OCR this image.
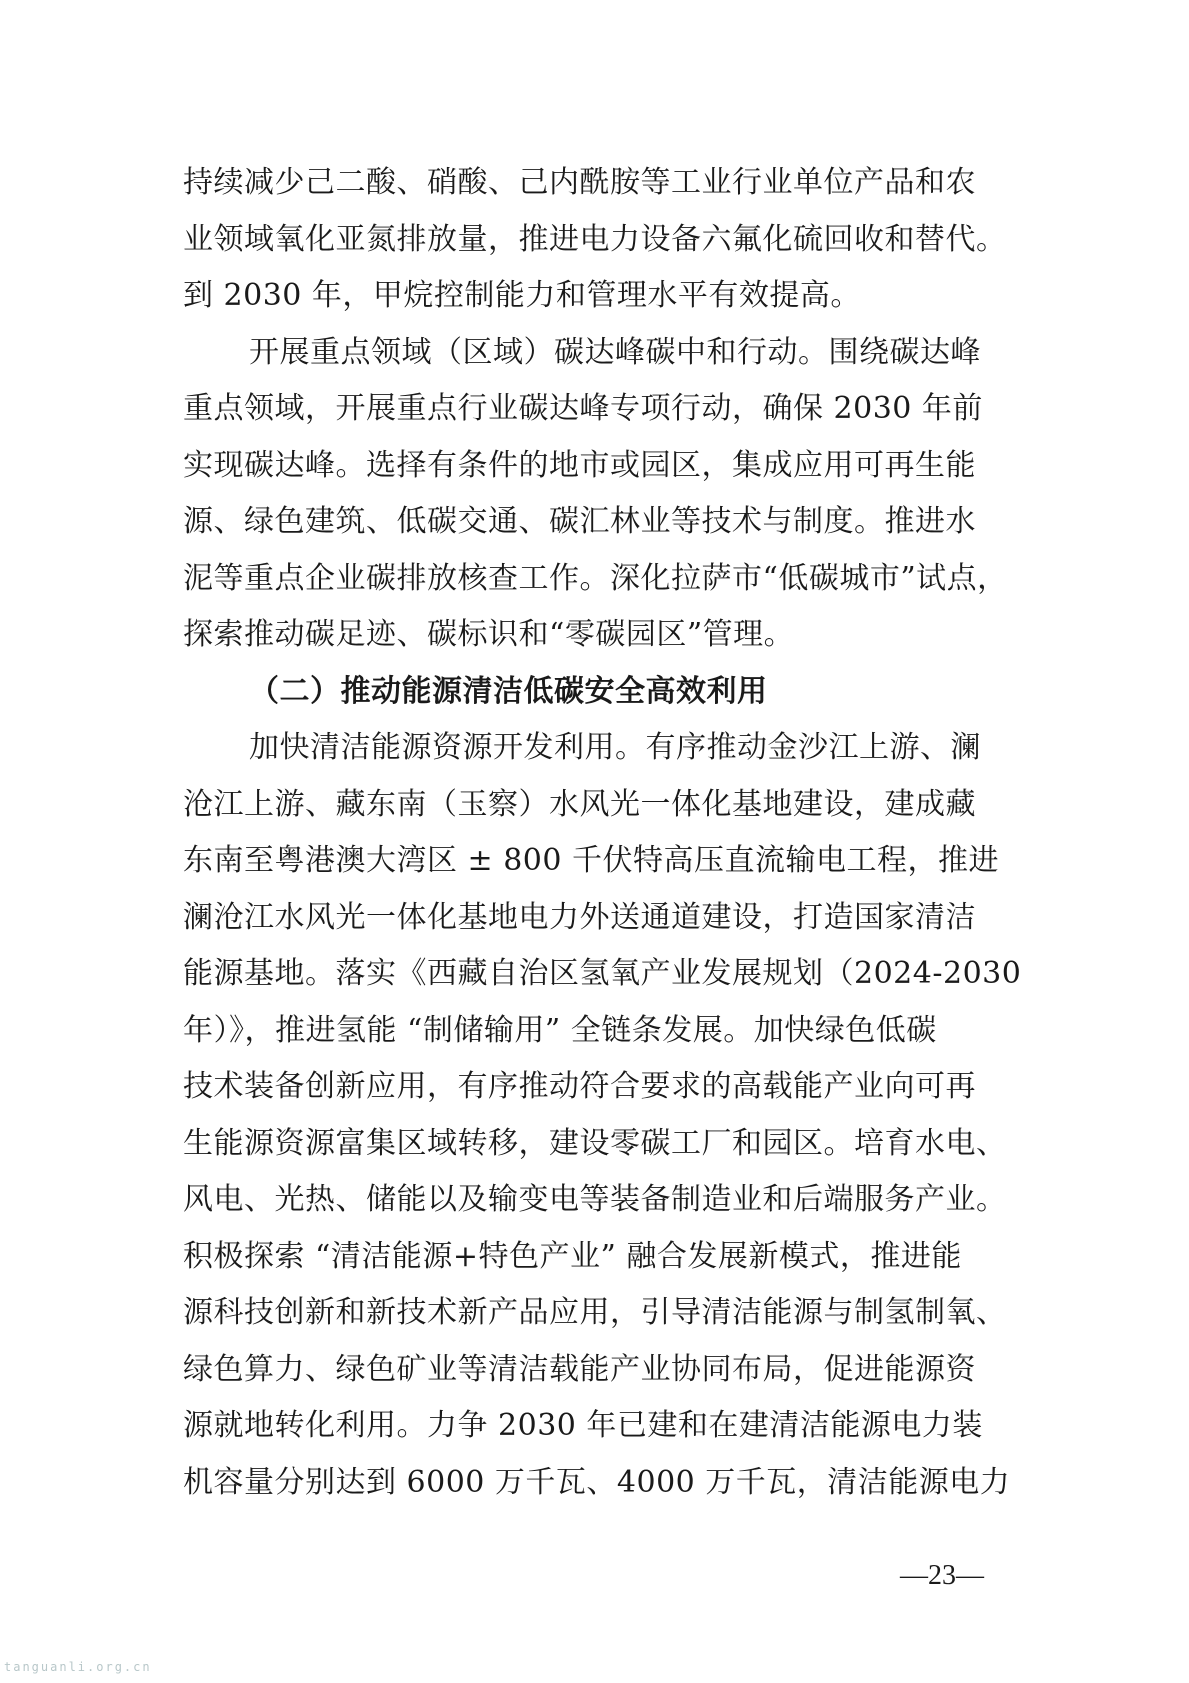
持续减少己二酸、硝酸、己内酰胺等工业行业单位产品和农
业领域氧化亚氮排放量，推进电力设备六氟化硫回收和替代。
到 2030 年，甲烷控制能力和管理水平有效提高。
开展重点领域（区域）碳达峰碳中和行动。围绕碳达峰
重点领域，开展重点行业碳达峰专项行动，确保 2030 年前
实现碳达峰。选择有条件的地市或园区，集成应用可再生能
源、绿色建筑、低碳交通、碳汇林业等技术与制度。推进水
泥等重点企业碳排放核查工作。深化拉萨市“低碳城市”试点，
探索推动碳足迹、碳标识和“零碳园区”管理。
（二）推动能源清洁低碳安全高效利用
加快清洁能源资源开发利用。有序推动金沙江上游、澜
沧江上游、藏东南（玉察）水风光一体化基地建设，建成藏
东南至粤港澳大湾区 ± 800 千伏特高压直流输电工程，推进
澜沧江水风光一体化基地电力外送通道建设，打造国家清洁
能源基地。落实《西藏自治区氢氧产业发展规划（2024-2030
年）》，推进氢能 “制储输用” 全链条发展。加快绿色低碳
技术装备创新应用，有序推动符合要求的高载能产业向可再
生能源资源富集区域转移，建设零碳工厂和园区。培育水电、
风电、光热、储能以及输变电等装备制造业和后端服务产业。
积极探索 “清洁能源+特色产业” 融合发展新模式，推进能
源科技创新和新技术新产品应用，引导清洁能源与制氢制氧、
绿色算力、绿色矿业等清洁载能产业协同布局，促进能源资
源就地转化利用。力争 2030 年已建和在建清洁能源电力装
机容量分别达到 6000 万千瓦、4000 万千瓦，清洁能源电力
—23—
tanguanli.org.cn
